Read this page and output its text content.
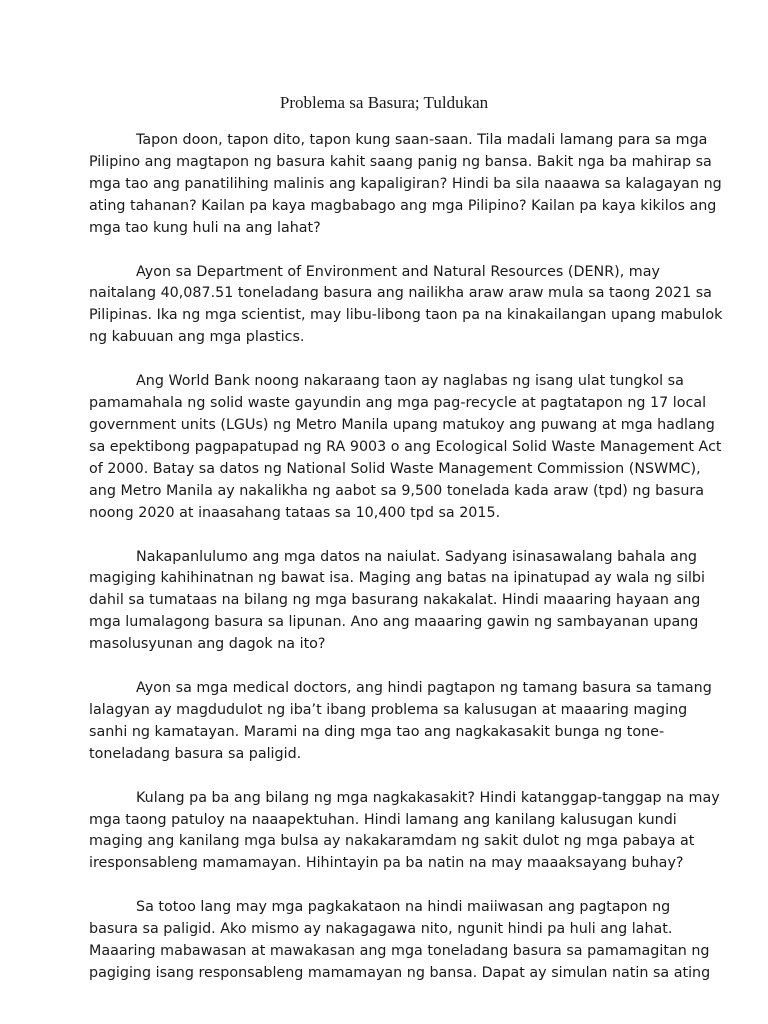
Problema sa Basura; Tuldukan

Tapon doon, tapon dito, tapon kung saan-saan. Tila madali lamang para sa mga
Pilipino ang magtapon ng basura kahit saang panig ng bansa. Bakit nga ba mahirap sa
mga tao ang panatilihing malinis ang kapaligiran? Hindi ba sila naaawa sa kalagayan ng
ating tahanan? Kailan pa kaya magbabago ang mga Pilipino? Kailan pa kaya kikilos ang
mga tao kung huli na ang lahat?

Ayon sa Department of Environment and Natural Resources (DENR), may
naitalang 40,087.51 toneladang basura ang nailikha araw araw mula sa taong 2021 sa
Pilipinas. Ika ng mga scientist, may libu-libong taon pa na kinakailangan upang mabulok
ng kabuuan ang mga plastics.

Ang World Bank noong nakaraang taon ay naglabas ng isang ulat tungkol sa
pamamahala ng solid waste gayundin ang mga pag-recycle at pagtatapon ng 17 local
government units (LGUs) ng Metro Manila upang matukoy ang puwang at mga hadlang
sa epektibong pagpapatupad ng RA 9003 o ang Ecological Solid Waste Management Act
of 2000. Batay sa datos ng National Solid Waste Management Commission (NSWMC),
ang Metro Manila ay nakalikha ng aabot sa 9,500 tonelada kada araw (tpd) ng basura
noong 2020 at inaasahang tataas sa 10,400 tpd sa 2015.

Nakapanlulumo ang mga datos na naiulat. Sadyang isinasawalang bahala ang
magiging kahihinatnan ng bawat isa. Maging ang batas na ipinatupad ay wala ng silbi
dahil sa tumataas na bilang ng mga basurang nakakalat. Hindi maaaring hayaan ang
mga lumalagong basura sa lipunan. Ano ang maaaring gawin ng sambayanan upang
masolusyunan ang dagok na ito?

Ayon sa mga medical doctors, ang hindi pagtapon ng tamang basura sa tamang
lalagyan ay magdudulot ng iba’t ibang problema sa kalusugan at maaaring maging
sanhi ng kamatayan. Marami na ding mga tao ang nagkakasakit bunga ng tone-
toneladang basura sa paligid.

Kulang pa ba ang bilang ng mga nagkakasakit? Hindi katanggap-tanggap na may
mga taong patuloy na naaapektuhan. Hindi lamang ang kanilang kalusugan kundi
maging ang kanilang mga bulsa ay nakakaramdam ng sakit dulot ng mga pabaya at
iresponsableng mamamayan. Hihintayin pa ba natin na may maaaksayang buhay?

Sa totoo lang may mga pagkakataon na hindi maiiwasan ang pagtapon ng
basura sa paligid. Ako mismo ay nakagagawa nito, ngunit hindi pa huli ang lahat.
Maaaring mabawasan at mawakasan ang mga toneladang basura sa pamamagitan ng
pagiging isang responsableng mamamayan ng bansa. Dapat ay simulan natin sa ating
